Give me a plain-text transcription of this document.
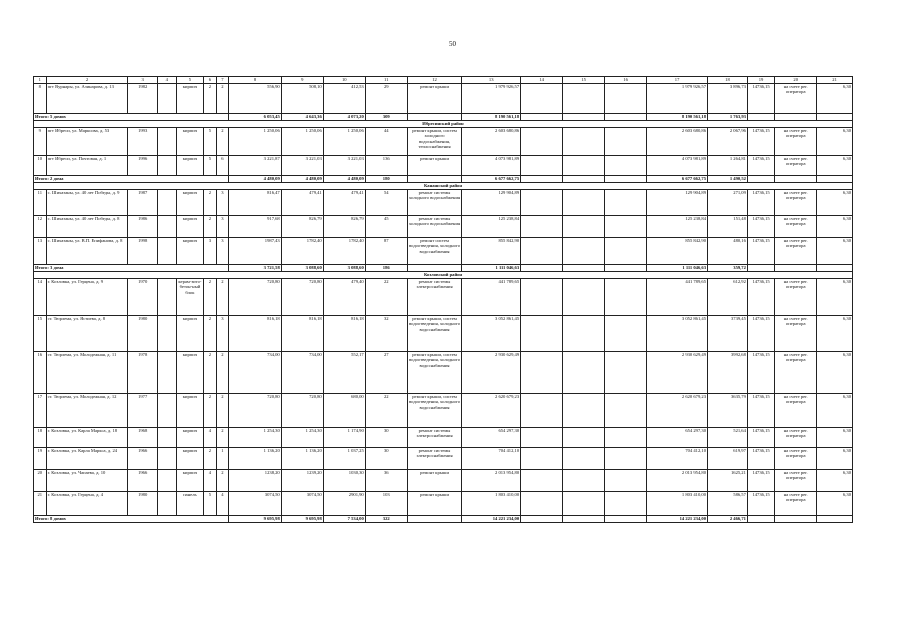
50
1	2	3	4	5	6	7	8	9	10	11	12	13	14	15	16	17	18	19	20	21
8	пгт Вурнары, ул. Азинарова, д. 13	1982		кирпич	2	2	556,90	508,10	412,53	29	ремонт крыши	1 979 926,57				1 979 926,57	3 896,73	14736,15	на счете рег. оператора	6,30
Итого: 5 домов							6 053,45	4 643,36	4 073,20	309		8 190 561,18				8 190 561,18	1 763,93			
Ибресинский район																				
9	пгт Ибреси, ул. Марксова, д. 53	1993		кирпич	5	2	1 250,06	1 250,06	1 250,06	44	ремонт крыши, систем холодного водоснабжения, теплоснабжения	2 603 680,86				2 603 680,86	2 067,96	14736,15	на счете рег. оператора	6,30
10	пгт Ибреси, ул. Почтовая, д. 1	1996		кирпич	5	6	3 221,87	3 221,03	3 221,03	136	ремонт крыши	4 073 981,89				4 073 981,89	1 264,81	14736,15	на счете рег. оператора	6,30
Итого: 2 дома							4 480,09	4 480,09	4 480,09	180		6 677 662,75				6 677 662,75	1 490,52			
Канашский район																				
11	с. Шихазаны, ул. 40 лет Победы, д. 9	1987		кирпич	2	3	816,47	479,41	479,41	54	ремонт системы холодного водоснабжения	129 904,89				129 904,89	271,09	14736,15	на счете рег. оператора	6,30
12	с. Шихазаны, ул. 40 лет Победы, д. 8	1986		кирпич	2	3	917,68	826,79	826,79	45	ремонт системы холодного водоснабжения	125 238,84				125 238,84	151,48	14736,15	на счете рег. оператора	6,30
13	с. Шихазаны, ул. В.П. Епифанова, д. 8	1998		кирпич	3	3	1987,43	1782,40	1782,40	87	ремонт систем водоотведения, холодного водоснабжения	855 842,90				855 842,90	480,16	14736,15	на счете рег. оператора	6,30
Итого: 3 дома							3 721,58	3 088,60	3 088,60	186		1 111 046,63				1 111 046,63	359,72			
Козловский район																				
14	г. Козловка, ул. Герцена, д. 9	1970		керам-зито-бетон-ный блок	2	2	720,80	720,80	479,40	22	ремонт системы электроснабжения	441 789,65				441 789,65	612,92	14736,15	на счете рег. оператора	6,30
15	ст. Тюрлема, ул. Ястиева, д. 8	1980		кирпич	2	3	816,18	816,18	816,18	32	ремонт крыши, систем водоотведения, холодного водоснабжения	3 052 861,45				3 052 861,45	3739,45	14736,15	на счете рег. оператора	6,30
16	ст. Тюрлема, ул. Молодежная, д. 11	1978		кирпич	2	2	734,00	734,00	552,17	27	ремонт крыши, систем водоотведения, холодного водоснабжения	2 930 629,49				2 930 629,49	3992,68	14736,15	на счете рег. оператора	6,30
17	ст. Тюрлема, ул. Молодежная, д. 12	1977		кирпич	2	2	720,80	720,80	680,00	22	ремонт крыши, систем водоотведения, холодного водоснабжения	2 620 679,23				2 620 679,23	3635,79	14736,15	на счете рег. оператора	6,30
18	г. Козловка, ул. Карла Маркса, д. 18	1968		кирпич	4	2	1 254,30	1 254,30	1 174,90	30	ремонт системы электроснабжения	654 297,30				654 297,30	521,64	14736,15	на счете рег. оператора	6,30
19	г. Козловка, ул. Карла Маркса, д. 24	1966		кирпич	2	1	1 136,20	1 136,20	1 037,25	30	ремонт системы электроснабжения	704 412,10				704 412,10	619,97	14736,15	на счете рег. оператора	6,30
20	г. Козловка, ул. Чапаева, д. 10	1966		кирпич	4	2	1238,20	1239,20	1030,30	36	ремонт крыши	2 013 954,80				2 013 954,80	1625,21	14736,15	на счете рег. оператора	6,30
21	г. Козловка, ул. Герцена, д. 4	1980		панель	5	4	3074,50	3074,50	2901,90	103	ремонт крыши	1 803 410,00				1 803 410,00	586,57	14736,15	на счете рег. оператора	6,30
Итого: 8 домов							9 695,98	9 695,98	7 534,00	322		14 221 234,00				14 221 234,00	2 466,71			
